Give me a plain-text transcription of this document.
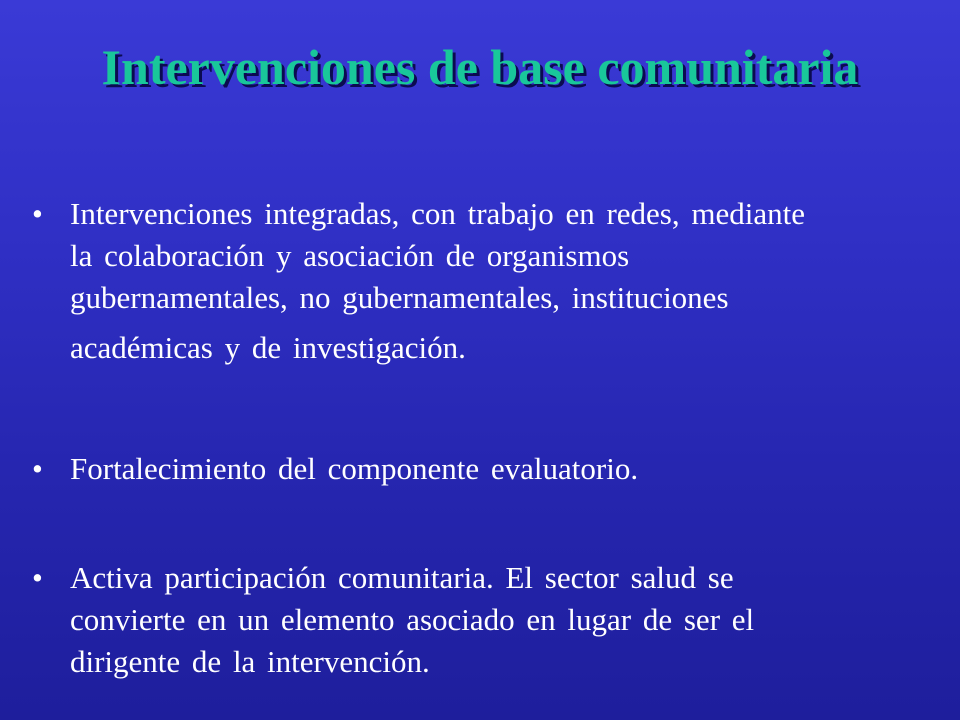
Intervenciones de base comunitaria
• Intervenciones integradas, con trabajo en redes, mediante
la colaboración y asociación de organismos
gubernamentales, no gubernamentales, instituciones
académicas y de investigación.
• Fortalecimiento del componente evaluatorio.
• Activa participación comunitaria. El sector salud se
convierte en un elemento asociado en lugar de ser el
dirigente de la intervención.
